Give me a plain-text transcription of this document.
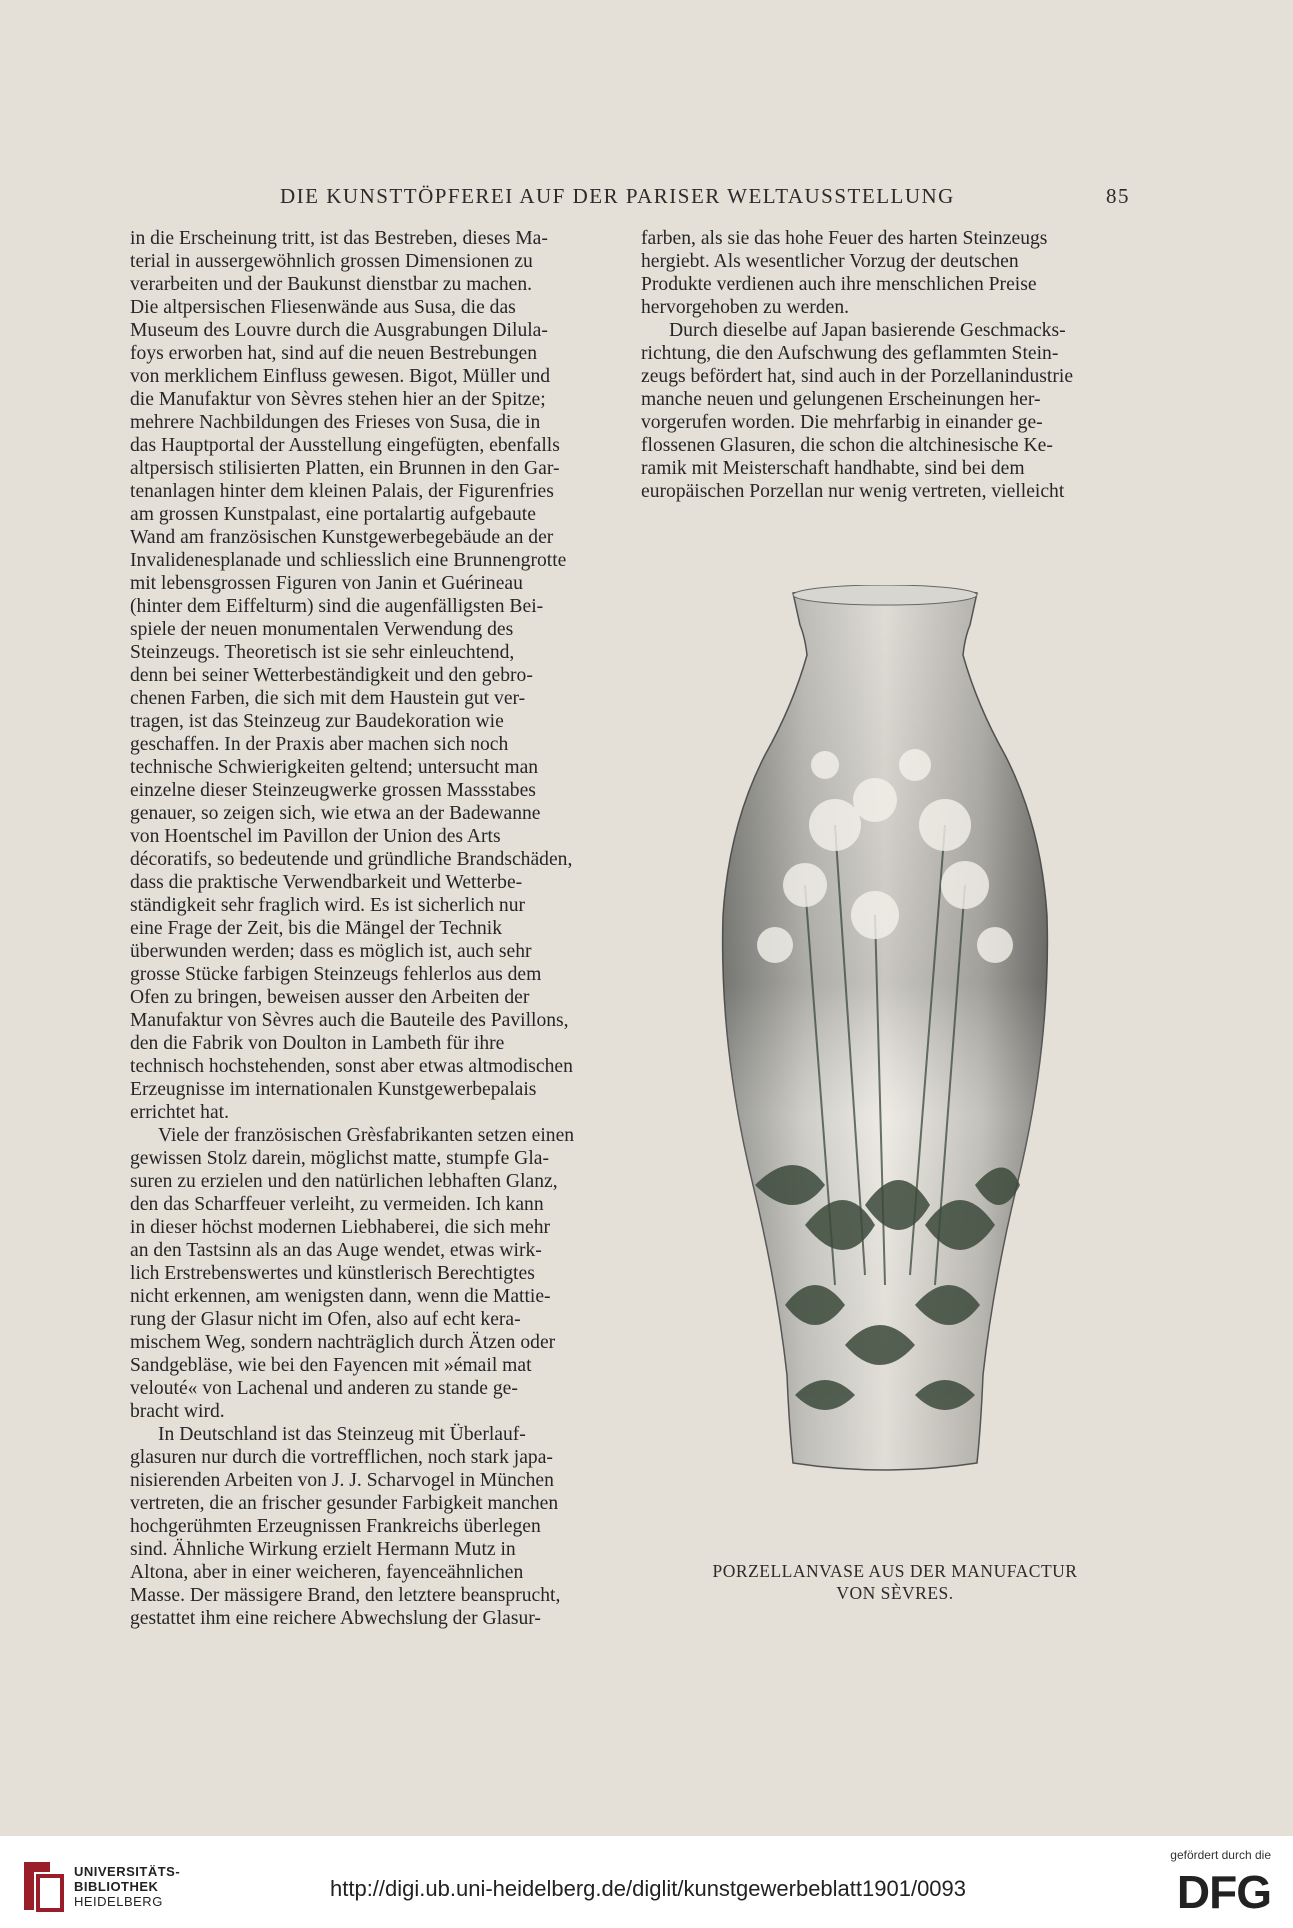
DIE KUNSTTÖPFEREI AUF DER PARISER WELTAUSSTELLUNG	85

in die Erscheinung tritt, ist das Bestreben, dieses Ma-

terial in aussergewöhnlich grossen Dimensionen zu

verarbeiten und der Baukunst dienstbar zu machen.

Die altpersischen Fliesenwände aus Susa, die das

Museum des Louvre durch die Ausgrabungen Dilula-

foys erworben hat, sind auf die neuen Bestrebungen

von merklichem Einfluss gewesen. Bigot, Müller und

die Manufaktur von Sèvres stehen hier an der Spitze;

mehrere Nachbildungen des Frieses von Susa, die in

das Hauptportal der Ausstellung eingefügten, ebenfalls

altpersisch stilisierten Platten, ein Brunnen in den Gar-

tenanlagen hinter dem kleinen Palais, der Figurenfries

am grossen Kunstpalast, eine portalartig aufgebaute

Wand am französischen Kunstgewerbegebäude an der

Invalidenesplanade und schliesslich eine Brunnengrotte

mit lebensgrossen Figuren von Janin et Guérineau

(hinter dem Eiffelturm) sind die augenfälligsten Bei-

spiele der neuen monumentalen Verwendung des

Steinzeugs. Theoretisch ist sie sehr einleuchtend,

denn bei seiner Wetterbeständigkeit und den gebro-

chenen Farben, die sich mit dem Haustein gut ver-

tragen, ist das Steinzeug zur Baudekoration wie

geschaffen. In der Praxis aber machen sich noch

technische Schwierigkeiten geltend; untersucht man

einzelne dieser Steinzeugwerke grossen Massstabes

genauer, so zeigen sich, wie etwa an der Badewanne

von Hoentschel im Pavillon der Union des Arts

décoratifs, so bedeutende und gründliche Brandschäden,

dass die praktische Verwendbarkeit und Wetterbe-

ständigkeit sehr fraglich wird. Es ist sicherlich nur

eine Frage der Zeit, bis die Mängel der Technik

überwunden werden; dass es möglich ist, auch sehr

grosse Stücke farbigen Steinzeugs fehlerlos aus dem

Ofen zu bringen, beweisen ausser den Arbeiten der

Manufaktur von Sèvres auch die Bauteile des Pavillons,

den die Fabrik von Doulton in Lambeth für ihre

technisch hochstehenden, sonst aber etwas altmodischen

Erzeugnisse im internationalen Kunstgewerbepalais

errichtet hat.

Viele der französischen Grèsfabrikanten setzen einen

gewissen Stolz darein, möglichst matte, stumpfe Gla-

suren zu erzielen und den natürlichen lebhaften Glanz,

den das Scharffeuer verleiht, zu vermeiden. Ich kann

in dieser höchst modernen Liebhaberei, die sich mehr

an den Tastsinn als an das Auge wendet, etwas wirk-

lich Erstrebenswertes und künstlerisch Berechtigtes

nicht erkennen, am wenigsten dann, wenn die Mattie-

rung der Glasur nicht im Ofen, also auf echt kera-

mischem Weg, sondern nachträglich durch Ätzen oder

Sandgebläse, wie bei den Fayencen mit »émail mat

velouté« von Lachenal und anderen zu stande ge-

bracht wird.

In Deutschland ist das Steinzeug mit Überlauf-

glasuren nur durch die vortrefflichen, noch stark japa-

nisierenden Arbeiten von J. J. Scharvogel in München

vertreten, die an frischer gesunder Farbigkeit manchen

hochgerühmten Erzeugnissen Frankreichs überlegen

sind. Ähnliche Wirkung erzielt Hermann Mutz in

Altona, aber in einer weicheren, fayenceähnlichen

Masse. Der mässigere Brand, den letztere beansprucht,

gestattet ihm eine reichere Abwechslung der Glasur-

farben, als sie das hohe Feuer des harten Steinzeugs

hergiebt. Als wesentlicher Vorzug der deutschen

Produkte verdienen auch ihre menschlichen Preise

hervorgehoben zu werden.

Durch dieselbe auf Japan basierende Geschmacks-

richtung, die den Aufschwung des geflammten Stein-

zeugs befördert hat, sind auch in der Porzellanindustrie

manche neuen und gelungenen Erscheinungen her-

vorgerufen worden. Die mehrfarbig in einander ge-

flossenen Glasuren, die schon die altchinesische Ke-

ramik mit Meisterschaft handhabte, sind bei dem

europäischen Porzellan nur wenig vertreten, vielleicht

PORZELLANVASE AUS DER MANUFACTUR
VON SÈVRES.
UNIVERSITÄTS-
BIBLIOTHEK
HEIDELBERG
http://digi.ub.uni-heidelberg.de/diglit/kunstgewerbeblatt1901/0093
gefördert durch die
DFG
